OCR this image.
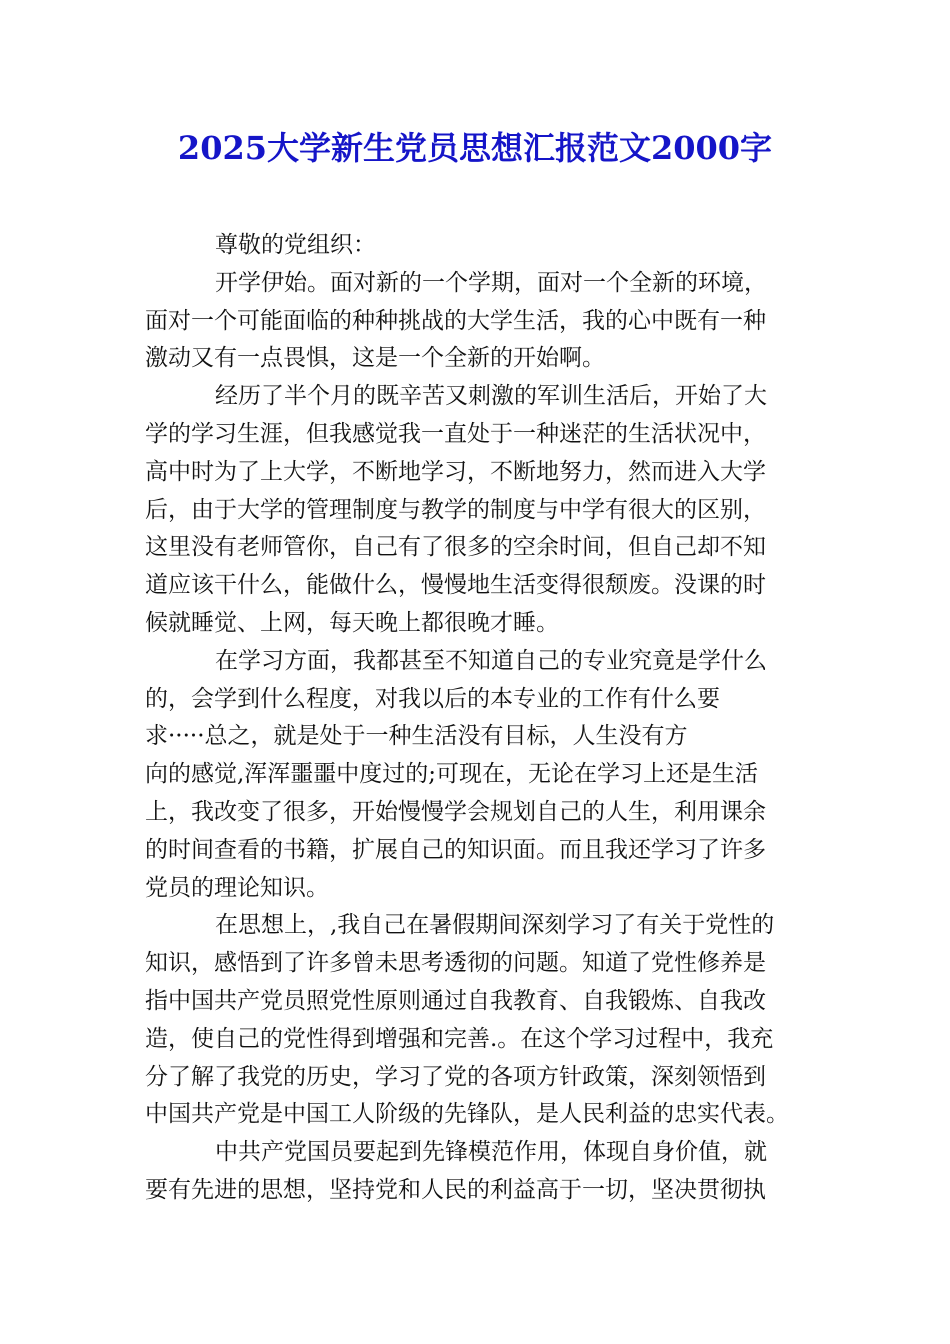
2025大学新生党员思想汇报范文2000字

尊敬的党组织：

开学伊始。面对新的一个学期，面对一个全新的环境，
面对一个可能面临的种种挑战的大学生活，我的心中既有一种
激动又有一点畏惧，这是一个全新的开始啊。

经历了半个月的既辛苦又刺激的军训生活后，开始了大
学的学习生涯，但我感觉我一直处于一种迷茫的生活状况中，
高中时为了上大学，不断地学习，不断地努力，然而进入大学
后，由于大学的管理制度与教学的制度与中学有很大的区别，
这里没有老师管你，自己有了很多的空余时间，但自己却不知
道应该干什么，能做什么，慢慢地生活变得很颓废。没课的时
候就睡觉、上网，每天晚上都很晚才睡。

在学习方面，我都甚至不知道自己的专业究竟是学什么
的，会学到什么程度，对我以后的本专业的工作有什么要
求·····总之，就是处于一种生活没有目标，人生没有方
向的感觉,浑浑噩噩中度过的;可现在，无论在学习上还是生活
上，我改变了很多，开始慢慢学会规划自己的人生，利用课余
的时间查看的书籍，扩展自己的知识面。而且我还学习了许多
党员的理论知识。

在思想上，,我自己在暑假期间深刻学习了有关于党性的
知识，感悟到了许多曾未思考透彻的问题。知道了党性修养是
指中国共产党员照党性原则通过自我教育、自我锻炼、自我改
造，使自己的党性得到增强和完善.。在这个学习过程中，我充
分了解了我党的历史，学习了党的各项方针政策，深刻领悟到
中国共产党是中国工人阶级的先锋队，是人民利益的忠实代表。

中共产党国员要起到先锋模范作用，体现自身价值，就
要有先进的思想，坚持党和人民的利益高于一切，坚决贯彻执
